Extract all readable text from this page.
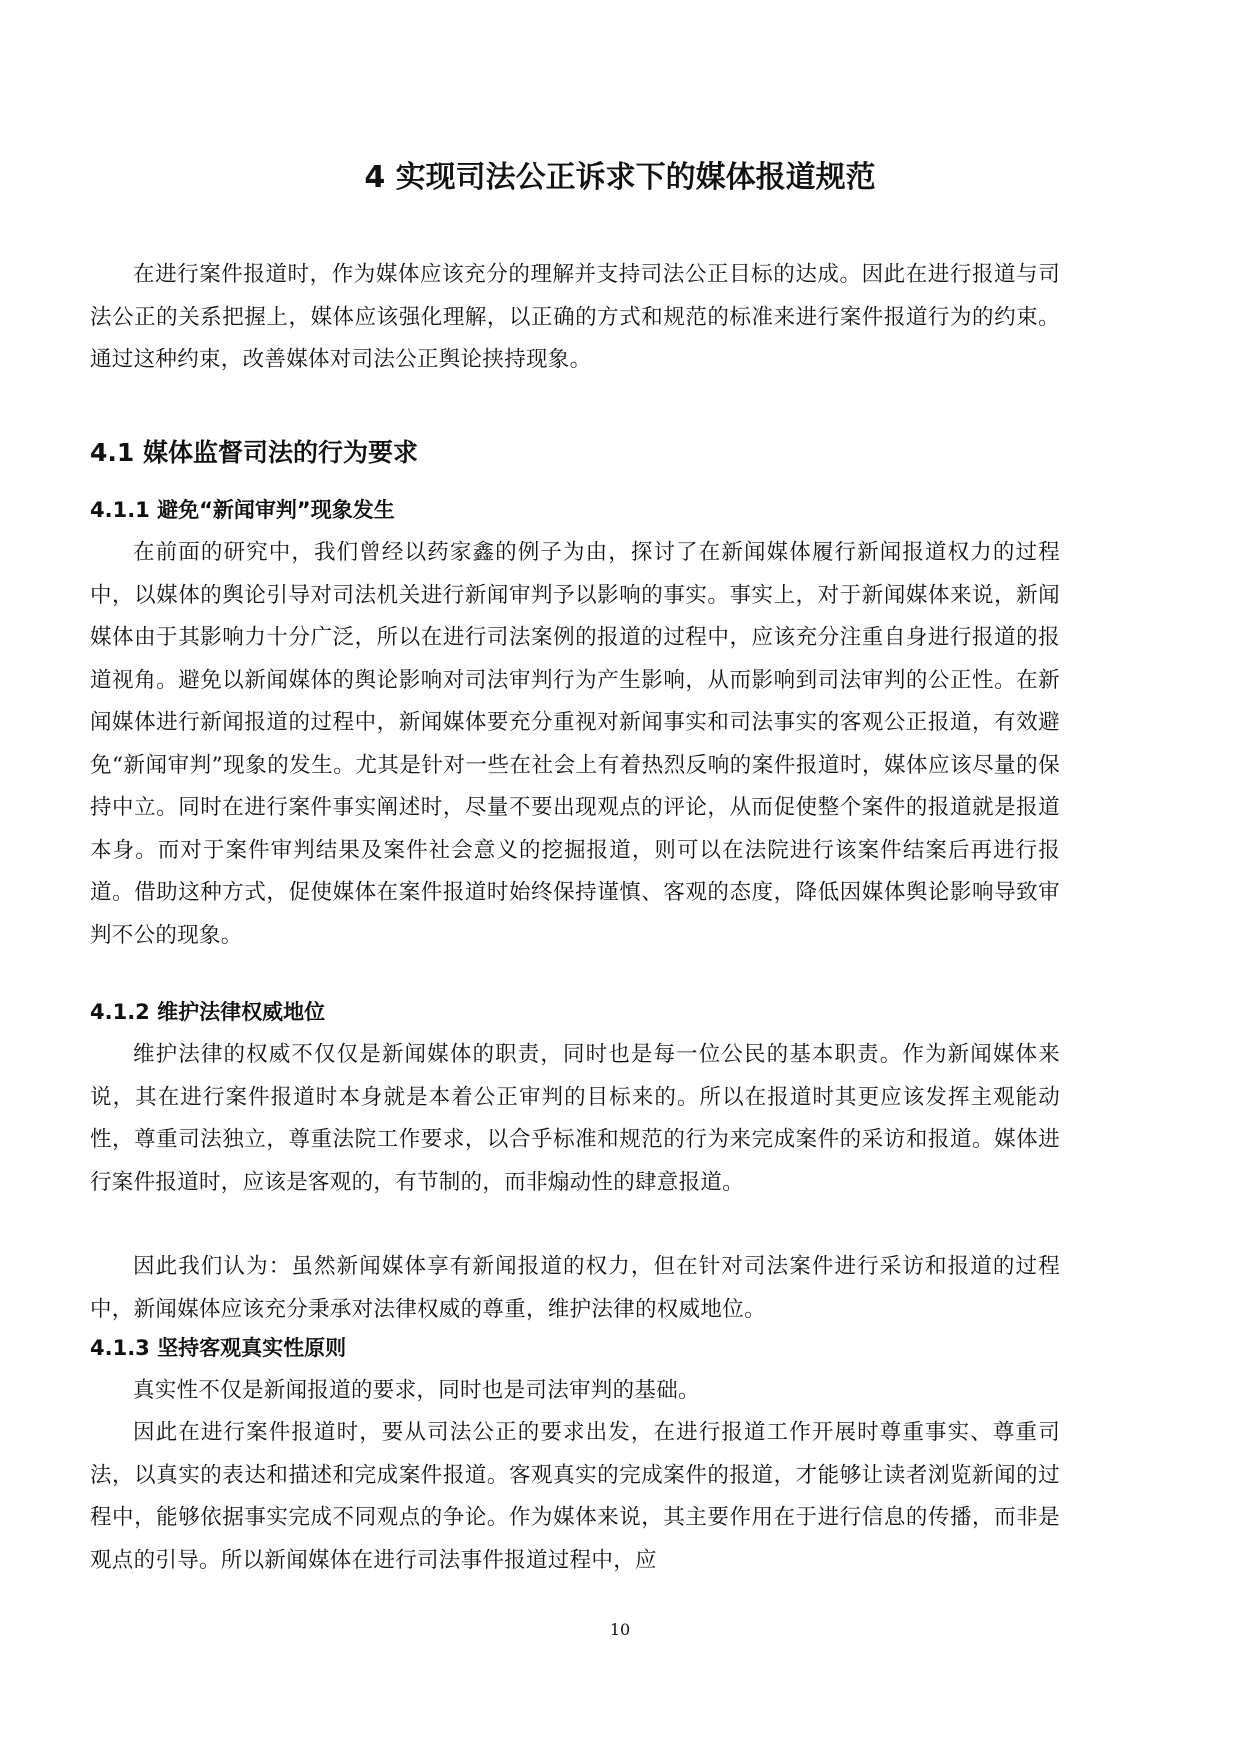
4 实现司法公正诉求下的媒体报道规范

在进行案件报道时，作为媒体应该充分的理解并支持司法公正目标的达成。因此在进行报道与司法公正的关系把握上，媒体应该强化理解，以正确的方式和规范的标准来进行案件报道行为的约束。通过这种约束，改善媒体对司法公正舆论挟持现象。

4.1 媒体监督司法的行为要求
4.1.1 避免“新闻审判”现象发生

在前面的研究中，我们曾经以药家鑫的例子为由，探讨了在新闻媒体履行新闻报道权力的过程中，以媒体的舆论引导对司法机关进行新闻审判予以影响的事实。事实上，对于新闻媒体来说，新闻媒体由于其影响力十分广泛，所以在进行司法案例的报道的过程中，应该充分注重自身进行报道的报道视角。避免以新闻媒体的舆论影响对司法审判行为产生影响，从而影响到司法审判的公正性。在新闻媒体进行新闻报道的过程中，新闻媒体要充分重视对新闻事实和司法事实的客观公正报道，有效避免“新闻审判”现象的发生。尤其是针对一些在社会上有着热烈反响的案件报道时，媒体应该尽量的保持中立。同时在进行案件事实阐述时，尽量不要出现观点的评论，从而促使整个案件的报道就是报道本身。而对于案件审判结果及案件社会意义的挖掘报道，则可以在法院进行该案件结案后再进行报道。借助这种方式，促使媒体在案件报道时始终保持谨慎、客观的态度，降低因媒体舆论影响导致审判不公的现象。

4.1.2 维护法律权威地位

维护法律的权威不仅仅是新闻媒体的职责，同时也是每一位公民的基本职责。作为新闻媒体来说，其在进行案件报道时本身就是本着公正审判的目标来的。所以在报道时其更应该发挥主观能动性，尊重司法独立，尊重法院工作要求，以合乎标准和规范的行为来完成案件的采访和报道。媒体进行案件报道时，应该是客观的，有节制的，而非煽动性的肆意报道。

因此我们认为：虽然新闻媒体享有新闻报道的权力，但在针对司法案件进行采访和报道的过程中，新闻媒体应该充分秉承对法律权威的尊重，维护法律的权威地位。

4.1.3 坚持客观真实性原则

真实性不仅是新闻报道的要求，同时也是司法审判的基础。

因此在进行案件报道时，要从司法公正的要求出发，在进行报道工作开展时尊重事实、尊重司法，以真实的表达和描述和完成案件报道。客观真实的完成案件的报道，才能够让读者浏览新闻的过程中，能够依据事实完成不同观点的争论。作为媒体来说，其主要作用在于进行信息的传播，而非是观点的引导。所以新闻媒体在进行司法事件报道过程中，应

10
